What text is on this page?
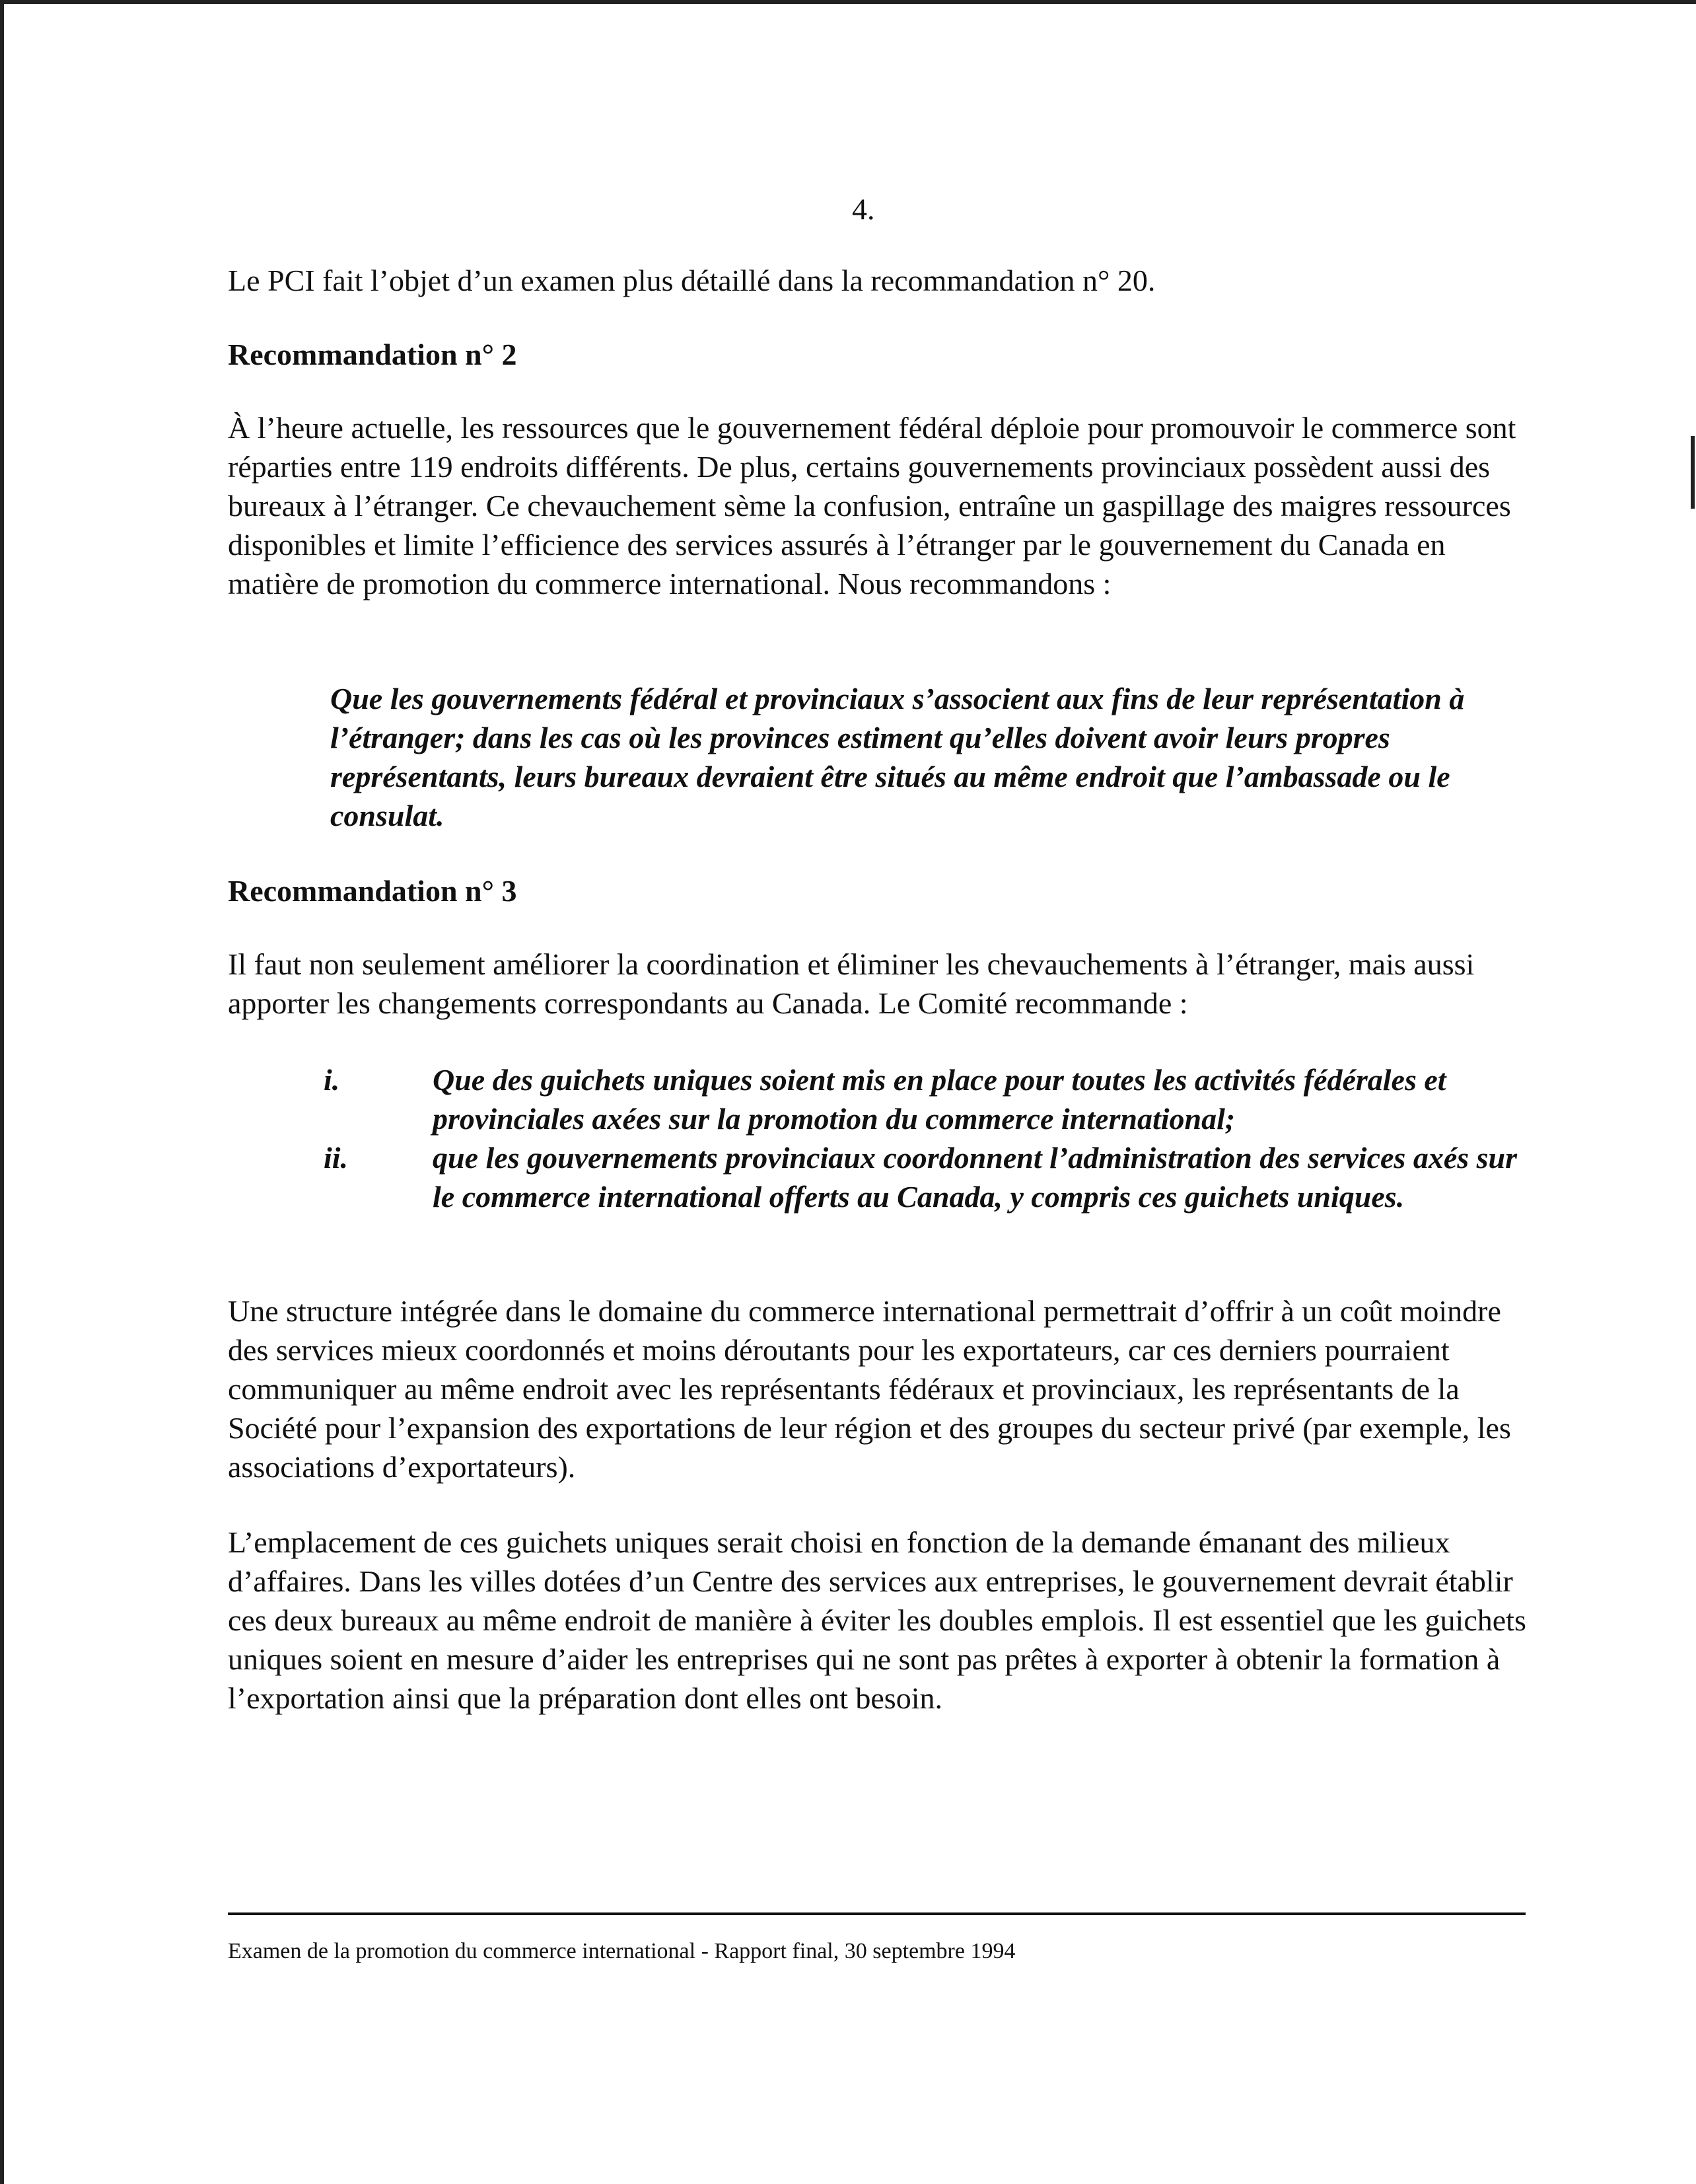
4.

Le PCI fait l’objet d’un examen plus détaillé dans la recommandation n° 20.

Recommandation n° 2

À l’heure actuelle, les ressources que le gouvernement fédéral déploie pour promouvoir le commerce sont réparties entre 119 endroits différents. De plus, certains gouvernements provinciaux possèdent aussi des bureaux à l’étranger. Ce chevauchement sème la confusion, entraîne un gaspillage des maigres ressources disponibles et limite l’efficience des services assurés à l’étranger par le gouvernement du Canada en matière de promotion du commerce international. Nous recommandons :

Que les gouvernements fédéral et provinciaux s’associent aux fins de leur représentation à l’étranger; dans les cas où les provinces estiment qu’elles doivent avoir leurs propres représentants, leurs bureaux devraient être situés au même endroit que l’ambassade ou le consulat.

Recommandation n° 3

Il faut non seulement améliorer la coordination et éliminer les chevauchements à l’étranger, mais aussi apporter les changements correspondants au Canada. Le Comité recommande :

i.	Que des guichets uniques soient mis en place pour toutes les activités fédérales et provinciales axées sur la promotion du commerce international;
ii.	que les gouvernements provinciaux coordonnent l’administration des services axés sur le commerce international offerts au Canada, y compris ces guichets uniques.

Une structure intégrée dans le domaine du commerce international permettrait d’offrir à un coût moindre des services mieux coordonnés et moins déroutants pour les exportateurs, car ces derniers pourraient communiquer au même endroit avec les représentants fédéraux et provinciaux, les représentants de la Société pour l’expansion des exportations de leur région et des groupes du secteur privé (par exemple, les associations d’exportateurs).

L’emplacement de ces guichets uniques serait choisi en fonction de la demande émanant des milieux d’affaires. Dans les villes dotées d’un Centre des services aux entreprises, le gouvernement devrait établir ces deux bureaux au même endroit de manière à éviter les doubles emplois. Il est essentiel que les guichets uniques soient en mesure d’aider les entreprises qui ne sont pas prêtes à exporter à obtenir la formation à l’exportation ainsi que la préparation dont elles ont besoin.

Examen de la promotion du commerce international - Rapport final, 30 septembre 1994
